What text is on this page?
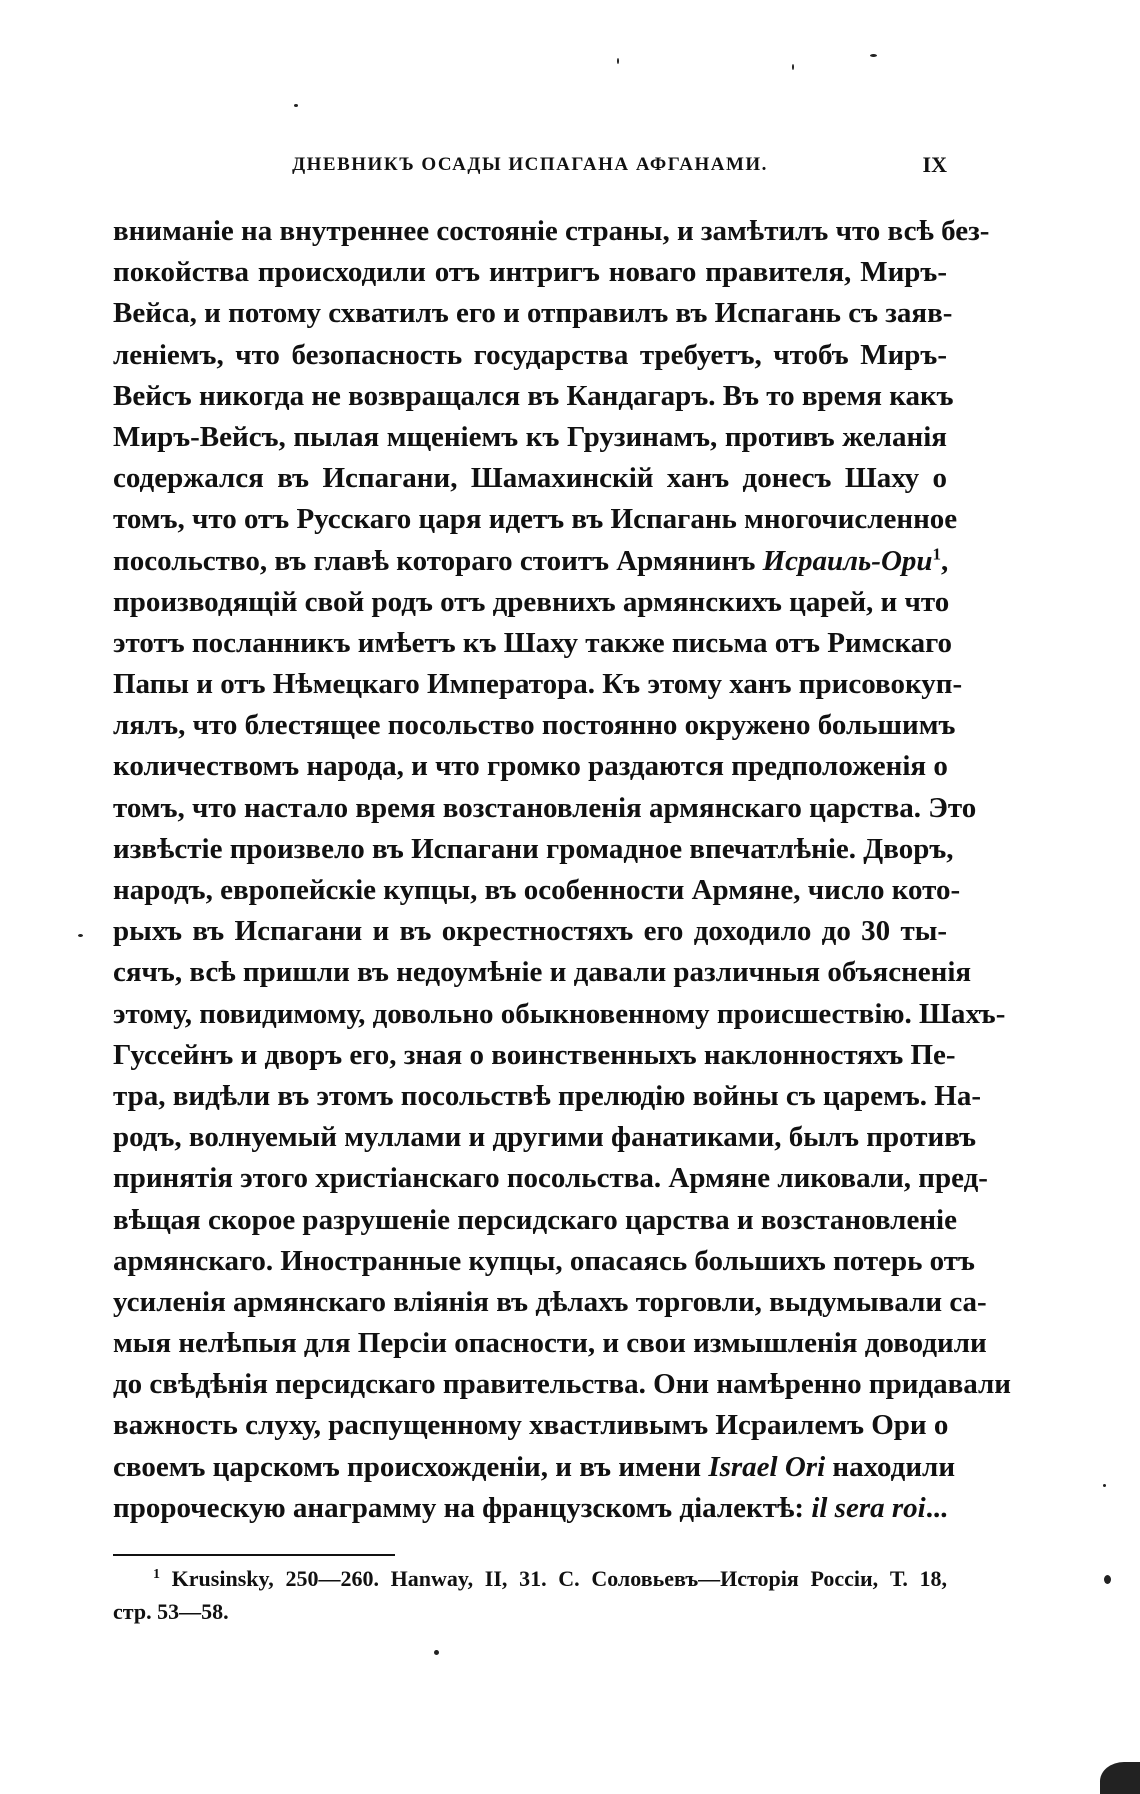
ДНЕВНИКЪ ОСАДЫ ИСПАГАНА АФГАНАМИ.	IX
вниманіе на внутреннее состояніе страны, и замѣтилъ что всѣ без-
покойства происходили отъ интригъ новаго правителя, Миръ-
Вейса, и потому схватилъ его и отправилъ въ Испагань съ заяв-
леніемъ, что безопасность государства требуетъ, чтобъ Миръ-
Вейсъ никогда не возвращался въ Кандагаръ. Въ то время какъ
Миръ-Вейсъ, пылая мщеніемъ къ Грузинамъ, противъ желанія
содержался въ Испагани, Шамахинскій ханъ донесъ Шаху о
томъ, что отъ Русскаго царя идетъ въ Испагань многочисленное
посольство, въ главѣ котораго стоитъ Армянинъ Исраиль-Ори$^1$,
производящій свой родъ отъ древнихъ армянскихъ царей, и что
этотъ посланникъ имѣетъ къ Шаху также письма отъ Римскаго
Папы и отъ Нѣмецкаго Императора. Къ этому ханъ присовокуп-
лялъ, что блестящее посольство постоянно окружено большимъ
количествомъ народа, и что громко раздаются предположенія о
томъ, что насталo время возстановленія армянскаго царства. Это
извѣстіе произвело въ Испагани громадное впечатлѣніе. Дворъ,
народъ, европейскіе купцы, въ особенности Армяне, число кото-
рыхъ въ Испагани и въ окрестностяхъ его доходило до 30 ты-
сячъ, всѣ пришли въ недоумѣніе и давали различныя объясненія
этому, повидимому, довольно обыкновенному происшествію. Шахъ-
Гуссейнъ и дворъ его, зная о воинственныхъ наклонностяхъ Пе-
тра, видѣли въ этомъ посольствѣ прелюдію войны съ царемъ. На-
родъ, волнуемый муллами и другими фанатиками, былъ противъ
принятія этого христіанскаго посольства. Армяне ликовали, пред-
вѣщая скорое разрушеніе персидскаго царства и возстановленіе
армянскаго. Иностранные купцы, опасаясь большихъ потерь отъ
усиленія армянскаго вліянія въ дѣлахъ торговли, выдумывали са-
мыя нелѣпыя для Персіи опасности, и свои измышленія доводили
до свѣдѣнія персидскаго правительства. Они намѣренно придавали
важность слуху, распущенному хвастливымъ Исраилемъ Ори о
своемъ царскомъ происхожденіи, и въ имени Israel Ori находили
пророческую анаграмму на французскомъ діалектѣ: il sera roi...
$^1$ Krusinsky, 250—260. Hanway, II, 31. С. Соловьевъ—Исторія Россіи, Т. 18,
стр. 53—58.
